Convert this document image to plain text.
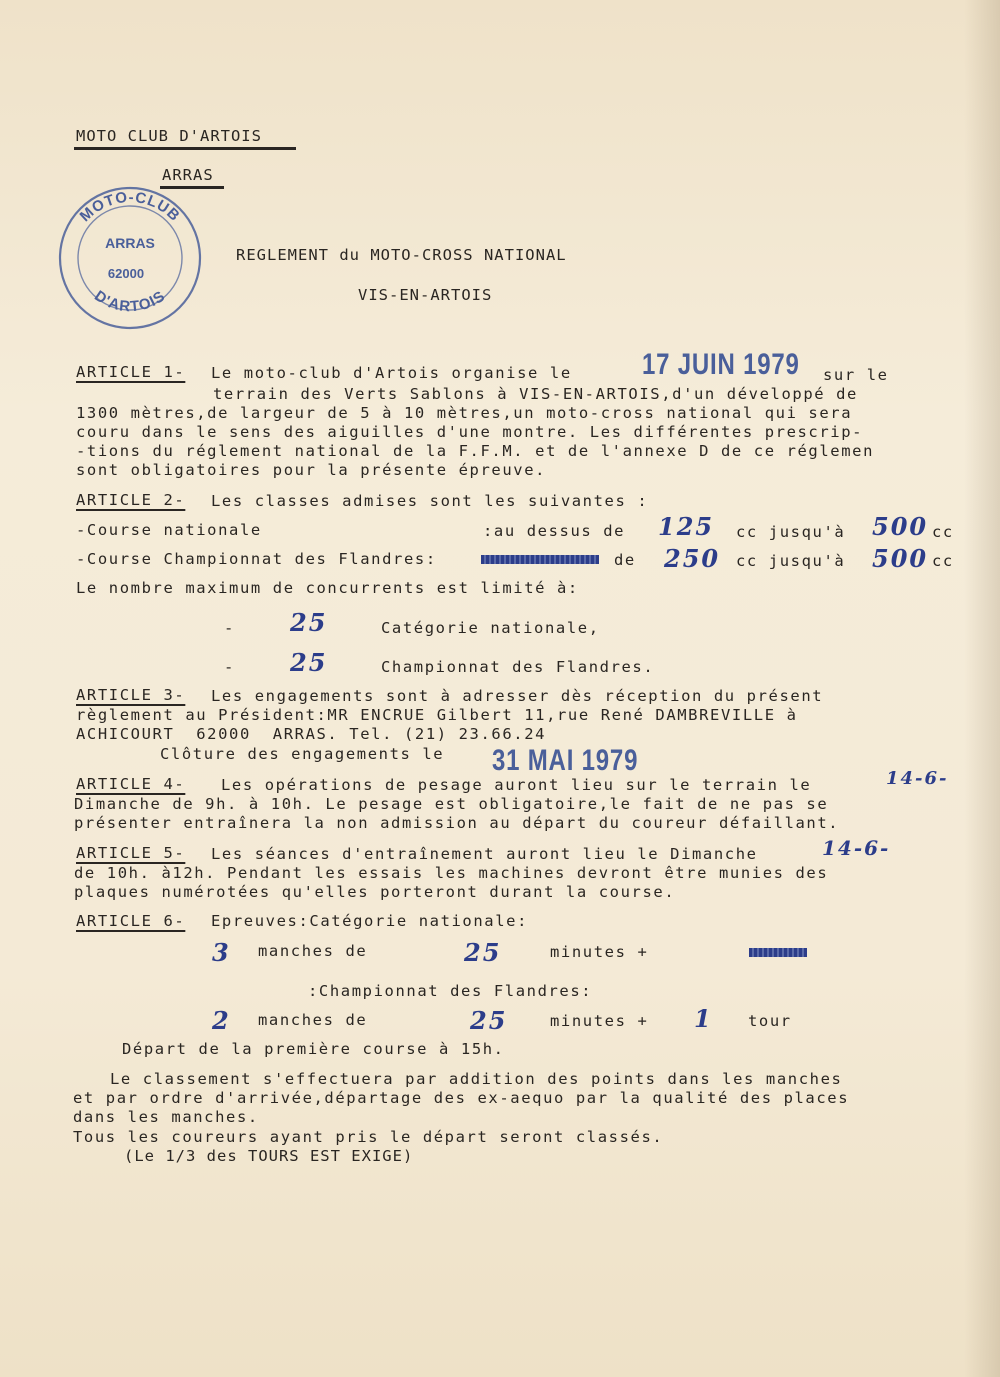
MOTO CLUB D'ARTOIS
ARRAS
MOTO-CLUB
D'ARTOIS
ARRAS
62000
REGLEMENT du MOTO-CROSS NATIONAL
VIS-EN-ARTOIS
ARTICLE 1- Le moto-club d'Artois organise le 17 JUIN 1979 sur le
terrain des Verts Sablons à VIS-EN-ARTOIS,d'un développé de
1300 mètres,de largeur de 5 à 10 mètres,un moto-cross national qui sera
couru dans le sens des aiguilles d'une montre. Les différentes prescrip-
-tions du réglement national de la F.F.M. et de l'annexe D de ce réglemen
sont obligatoires pour la présente épreuve.
ARTICLE 2- Les classes admises sont les suivantes :
-Course nationale	:au dessus de 125 cc jusqu'à 500 cc
-Course Championnat des Flandres:	de 250 cc jusqu'à 500 cc
Le nombre maximum de concurrents est limité à:
- 25	Catégorie nationale,
- 25	Championnat des Flandres.
ARTICLE 3- Les engagements sont à adresser dès réception du présent
règlement au Président:MR ENCRUE Gilbert 11,rue René DAMBREVILLE à
ACHICOURT  62000  ARRAS. Tel. (21) 23.66.24
Clôture des engagements le 31 MAI 1979
ARTICLE 4- Les opérations de pesage auront lieu sur le terrain le	14-6-
Dimanche de 9h. à 10h. Le pesage est obligatoire,le fait de ne pas se
présenter entraînera la non admission au départ du coureur défaillant.
ARTICLE 5- Les séances d'entraînement auront lieu le Dimanche	14-6-
de 10h. à12h. Pendant les essais les machines devront être munies des
plaques numérotées qu'elles porteront durant la course.
ARTICLE 6- Epreuves:Catégorie nationale:
3 manches de	25	minutes +
:Championnat des Flandres:
2 manches de	25	minutes + 1 tour
Départ de la première course à 15h.
Le classement s'effectuera par addition des points dans les manches
et par ordre d'arrivée,départage des ex-aequo par la qualité des places
dans les manches.
Tous les coureurs ayant pris le départ seront classés.
(Le 1/3 des TOURS EST EXIGE)
